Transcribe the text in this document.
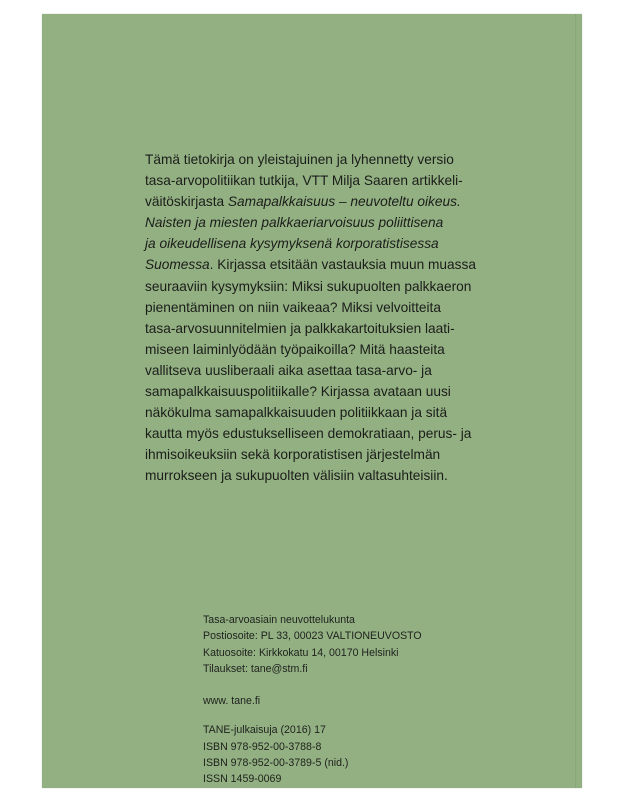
Tämä tietokirja on yleistajuinen ja lyhennetty versio
tasa-arvopolitiikan tutkija, VTT Milja Saaren artikkeli-
väitöskirjasta Samapalkkaisuus – neuvoteltu oikeus.
Naisten ja miesten palkkaeriarvoisuus poliittisena
ja oikeudellisena kysymyksenä korporatistisessa
Suomessa. Kirjassa etsitään vastauksia muun muassa
seuraaviin kysymyksiin: Miksi sukupuolten palkkaeron
pienentäminen on niin vaikeaa? Miksi velvoitteita
tasa-arvosuunnitelmien ja palkkakartoituksien laati-
miseen laiminlyödään työpaikoilla? Mitä haasteita
vallitseva uusliberaali aika asettaa tasa-arvo- ja
samapalkkaisuuspolitiikalle? Kirjassa avataan uusi
näkökulma samapalkkaisuuden politiikkaan ja sitä
kautta myös edustukselliseen demokratiaan, perus- ja
ihmisoikeuksiin sekä korporatistisen järjestelmän
murrokseen ja sukupuolten välisiin valtasuhteisiin.
Tasa-arvoasiain neuvottelukunta
Postiosoite: PL 33, 00023 VALTIONEUVOSTO
Katuosoite: Kirkkokatu 14, 00170 Helsinki
Tilaukset: tane@stm.fi
www. tane.fi
TANE-julkaisuja (2016) 17
ISBN 978-952-00-3788-8
ISBN 978-952-00-3789-5 (nid.)
ISSN 1459-0069
